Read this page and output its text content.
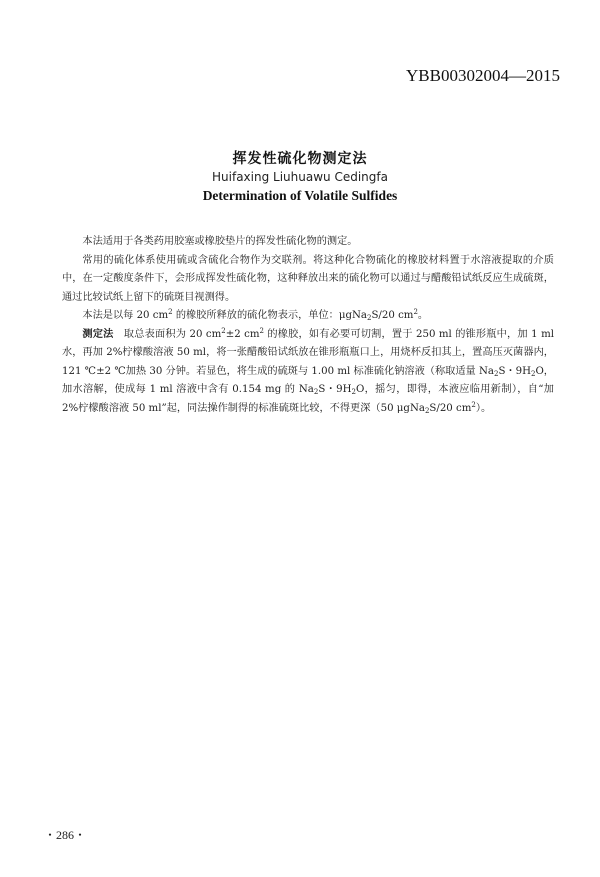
YBB00302004—2015
挥发性硫化物测定法
Huifaxing Liuhuawu Cedingfa
Determination of Volatile Sulfides

本法适用于各类药用胶塞或橡胶垫片的挥发性硫化物的测定。

常用的硫化体系使用硫或含硫化合物作为交联剂。将这种化合物硫化的橡胶材料置于水溶液提取的介质中，在一定酸度条件下，会形成挥发性硫化物，这种释放出来的硫化物可以通过与醋酸铅试纸反应生成硫斑，通过比较试纸上留下的硫斑目视测得。

本法是以每 20 $cm^2$ 的橡胶所释放的硫化物表示，单位：μgNa$_2$S/20 $cm^2$。

测定法　取总表面积为 20 $cm^2\pm 2$ $cm^2$ 的橡胶，如有必要可切割，置于 250 ml 的锥形瓶中，加 1 ml 水，再加 2%柠檬酸溶液 50 ml，将一张醋酸铅试纸放在锥形瓶瓶口上，用烧杯反扣其上，置高压灭菌器内，121 ℃±2 ℃加热 30 分钟。若显色，将生成的硫斑与 1.00 ml 标准硫化钠溶液（称取适量 $Na_2S$・$9H_2O$，加水溶解，使成每 1 ml 溶液中含有 0.154 mg 的 $Na_2S$・$9H_2O$，摇匀，即得，本液应临用新制），自“加 2%柠檬酸溶液 50 ml”起，同法操作制得的标准硫斑比较，不得更深（50 μgNa$_2$S/20 $cm^2$）。

・286・
